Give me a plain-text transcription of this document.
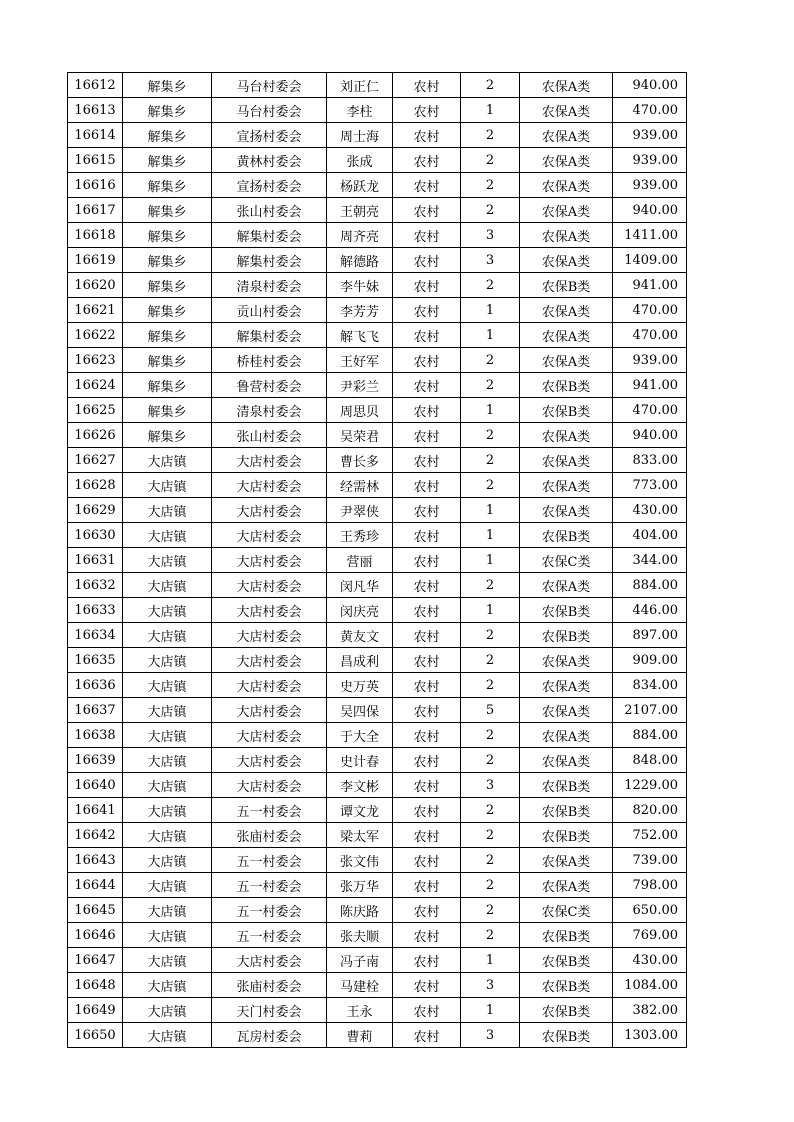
16612	解集乡	马台村委会	刘正仁	农村	2	农保A类	940.00
16613	解集乡	马台村委会	李柱	农村	1	农保A类	470.00
16614	解集乡	宣扬村委会	周士海	农村	2	农保A类	939.00
16615	解集乡	黄林村委会	张成	农村	2	农保A类	939.00
16616	解集乡	宣扬村委会	杨跃龙	农村	2	农保A类	939.00
16617	解集乡	张山村委会	王朝亮	农村	2	农保A类	940.00
16618	解集乡	解集村委会	周齐亮	农村	3	农保A类	1411.00
16619	解集乡	解集村委会	解德路	农村	3	农保A类	1409.00
16620	解集乡	清泉村委会	李牛妹	农村	2	农保B类	941.00
16621	解集乡	贡山村委会	李芳芳	农村	1	农保A类	470.00
16622	解集乡	解集村委会	解飞飞	农村	1	农保A类	470.00
16623	解集乡	桥桂村委会	王好军	农村	2	农保A类	939.00
16624	解集乡	鲁营村委会	尹彩兰	农村	2	农保B类	941.00
16625	解集乡	清泉村委会	周思贝	农村	1	农保B类	470.00
16626	解集乡	张山村委会	吴荣君	农村	2	农保A类	940.00
16627	大店镇	大店村委会	曹长多	农村	2	农保A类	833.00
16628	大店镇	大店村委会	经需林	农村	2	农保A类	773.00
16629	大店镇	大店村委会	尹翠侠	农村	1	农保A类	430.00
16630	大店镇	大店村委会	王秀珍	农村	1	农保B类	404.00
16631	大店镇	大店村委会	营丽	农村	1	农保C类	344.00
16632	大店镇	大店村委会	闵凡华	农村	2	农保A类	884.00
16633	大店镇	大店村委会	闵庆亮	农村	1	农保B类	446.00
16634	大店镇	大店村委会	黄友文	农村	2	农保B类	897.00
16635	大店镇	大店村委会	昌成利	农村	2	农保A类	909.00
16636	大店镇	大店村委会	史万英	农村	2	农保A类	834.00
16637	大店镇	大店村委会	吴四保	农村	5	农保A类	2107.00
16638	大店镇	大店村委会	于大全	农村	2	农保A类	884.00
16639	大店镇	大店村委会	史计春	农村	2	农保A类	848.00
16640	大店镇	大店村委会	李文彬	农村	3	农保B类	1229.00
16641	大店镇	五一村委会	谭文龙	农村	2	农保B类	820.00
16642	大店镇	张庙村委会	梁太军	农村	2	农保B类	752.00
16643	大店镇	五一村委会	张文伟	农村	2	农保A类	739.00
16644	大店镇	五一村委会	张万华	农村	2	农保A类	798.00
16645	大店镇	五一村委会	陈庆路	农村	2	农保C类	650.00
16646	大店镇	五一村委会	张夫顺	农村	2	农保B类	769.00
16647	大店镇	大店村委会	冯子南	农村	1	农保B类	430.00
16648	大店镇	张庙村委会	马建栓	农村	3	农保B类	1084.00
16649	大店镇	天门村委会	王永	农村	1	农保B类	382.00
16650	大店镇	瓦房村委会	曹莉	农村	3	农保B类	1303.00
